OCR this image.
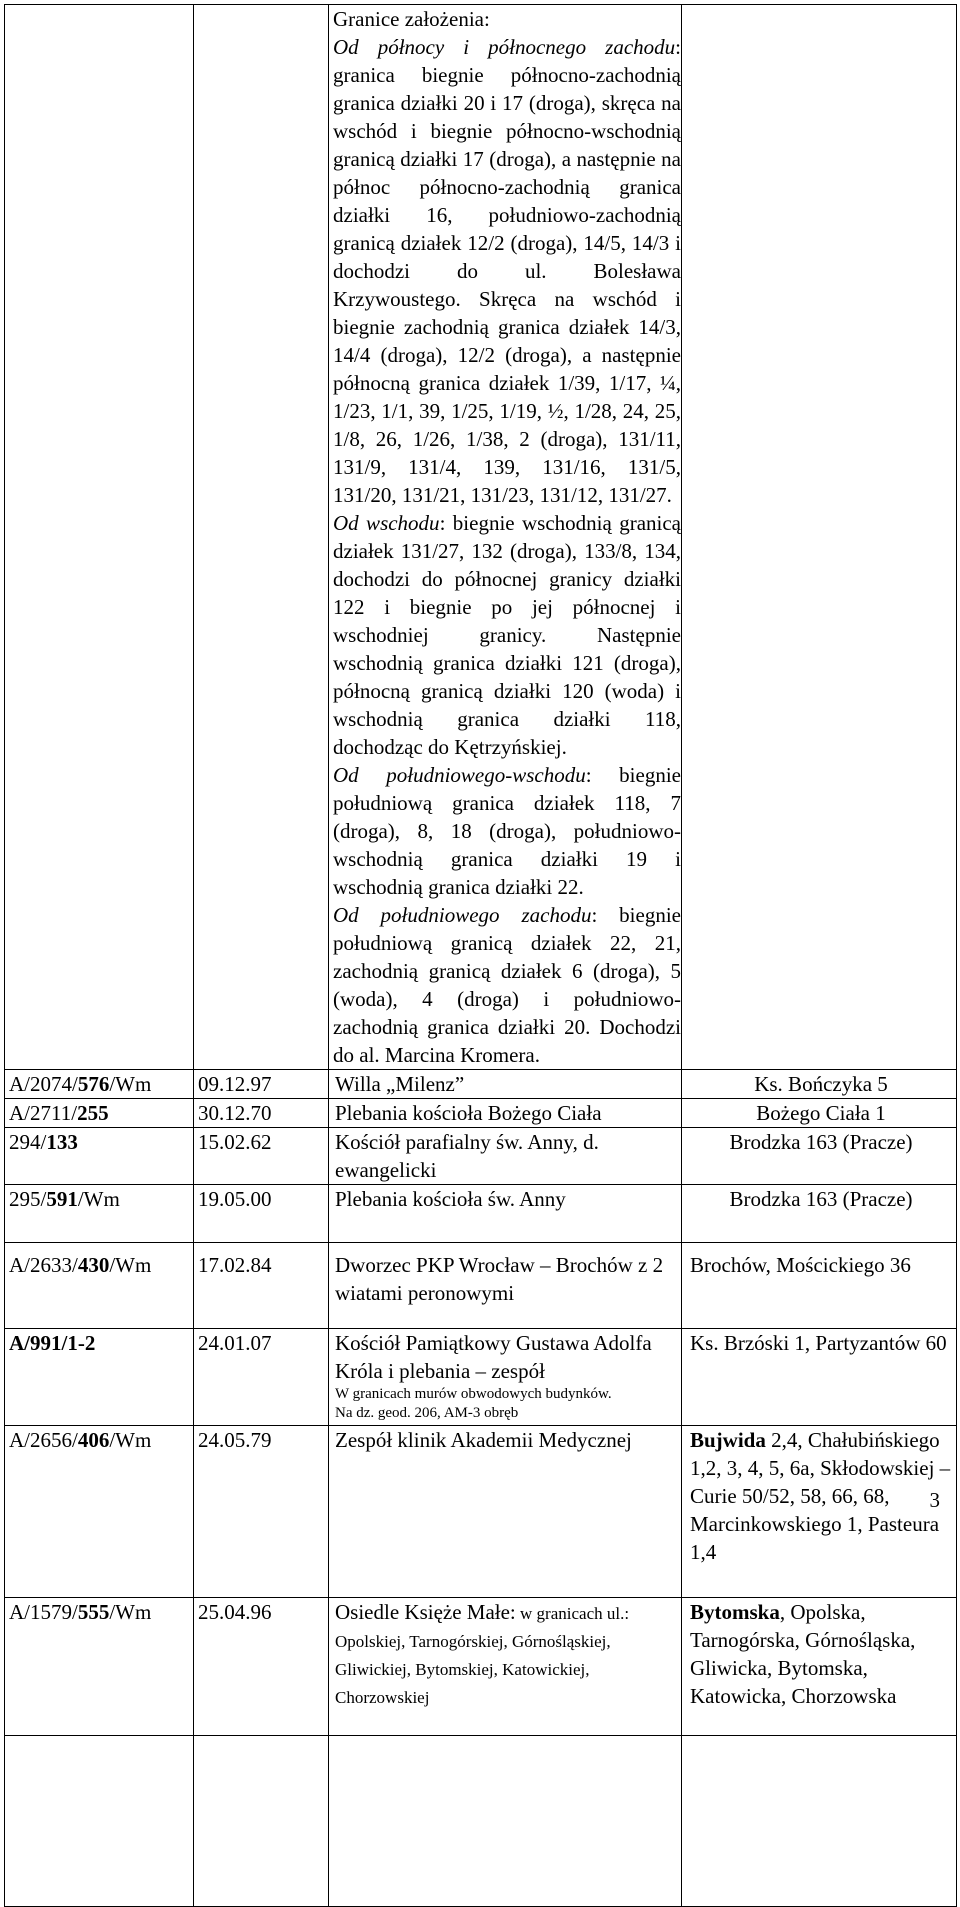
		Granice założenia:

Od północy i północnego zachodu: granica biegnie północno-zachodnią granica działki 20 i 17 (droga), skręca na wschód i biegnie północno-wschodnią granicą działki 17 (droga), a następnie na północ północno-zachodnią granica działki 16, południowo-zachodnią granicą działek 12/2 (droga), 14/5, 14/3 i dochodzi do ul. Bolesława Krzywoustego. Skręca na wschód i biegnie zachodnią granica działek 14/3, 14/4 (droga), 12/2 (droga), a następnie północną granica działek 1/39, 1/17, ¼, 1/23, 1/1, 39, 1/25, 1/19, ½, 1/28, 24, 25, 1/8, 26, 1/26, 1/38, 2 (droga), 131/11, 131/9, 131/4, 139, 131/16, 131/5, 131/20, 131/21, 131/23, 131/12, 131/27.

Od wschodu: biegnie wschodnią granicą działek 131/27, 132 (droga), 133/8, 134, dochodzi do północnej granicy działki 122 i biegnie po jej północnej i wschodniej granicy. Następnie wschodnią granica działki 121 (droga), północną granicą działki 120 (woda) i wschodnią granica działki 118, dochodząc do Kętrzyńskiej.

Od południowego-wschodu: biegnie południową granica działek 118, 7 (droga), 8, 18 (droga), południowo-wschodnią granica działki 19 i wschodnią granica działki 22.

Od południowego zachodu: biegnie południową granicą działek 22, 21, zachodnią granicą działek 6 (droga), 5 (woda), 4 (droga) i południowo-zachodnią granica działki 20. Dochodzi do al. Marcina Kromera.	

A/2074/576/Wm	09.12.97	Willa „Milenz”	Ks. Bończyka 5
A/2711/255	30.12.70	Plebania kościoła Bożego Ciała	Bożego Ciała 1
294/133	15.02.62	Kościół parafialny św. Anny, d. ewangelicki	Brodzka 163 (Pracze)
295/591/Wm	19.05.00	Plebania kościoła św. Anny	Brodzka 163 (Pracze)
A/2633/430/Wm	17.02.84	Dworzec PKP Wrocław – Brochów z 2 wiatami peronowymi	Brochów, Mościckiego 36
A/991/1-2	24.01.07	Kościół Pamiątkowy Gustawa Adolfa Króla i plebania – zespół
W granicach murów obwodowych budynków.
Na dz. geod. 206, AM-3 obręb	Ks. Brzóski 1, Partyzantów 60
A/2656/406/Wm	24.05.79	Zespół klinik Akademii Medycznej	Bujwida 2,4, Chałubińskiego 1,2, 3, 4, 5, 6a, Skłodowskiej – Curie 50/52, 58, 66, 68, Marcinkowskiego 1, Pasteura 1,4
A/1579/555/Wm	25.04.96	Osiedle Księże Małe: w granicach ul.: Opolskiej, Tarnogórskiej, Górnośląskiej, Gliwickiej, Bytomskiej, Katowickiej, Chorzowskiej	Bytomska, Opolska, Tarnogórska, Górnośląska, Gliwicka, Bytomska, Katowicka, Chorzowska

3
